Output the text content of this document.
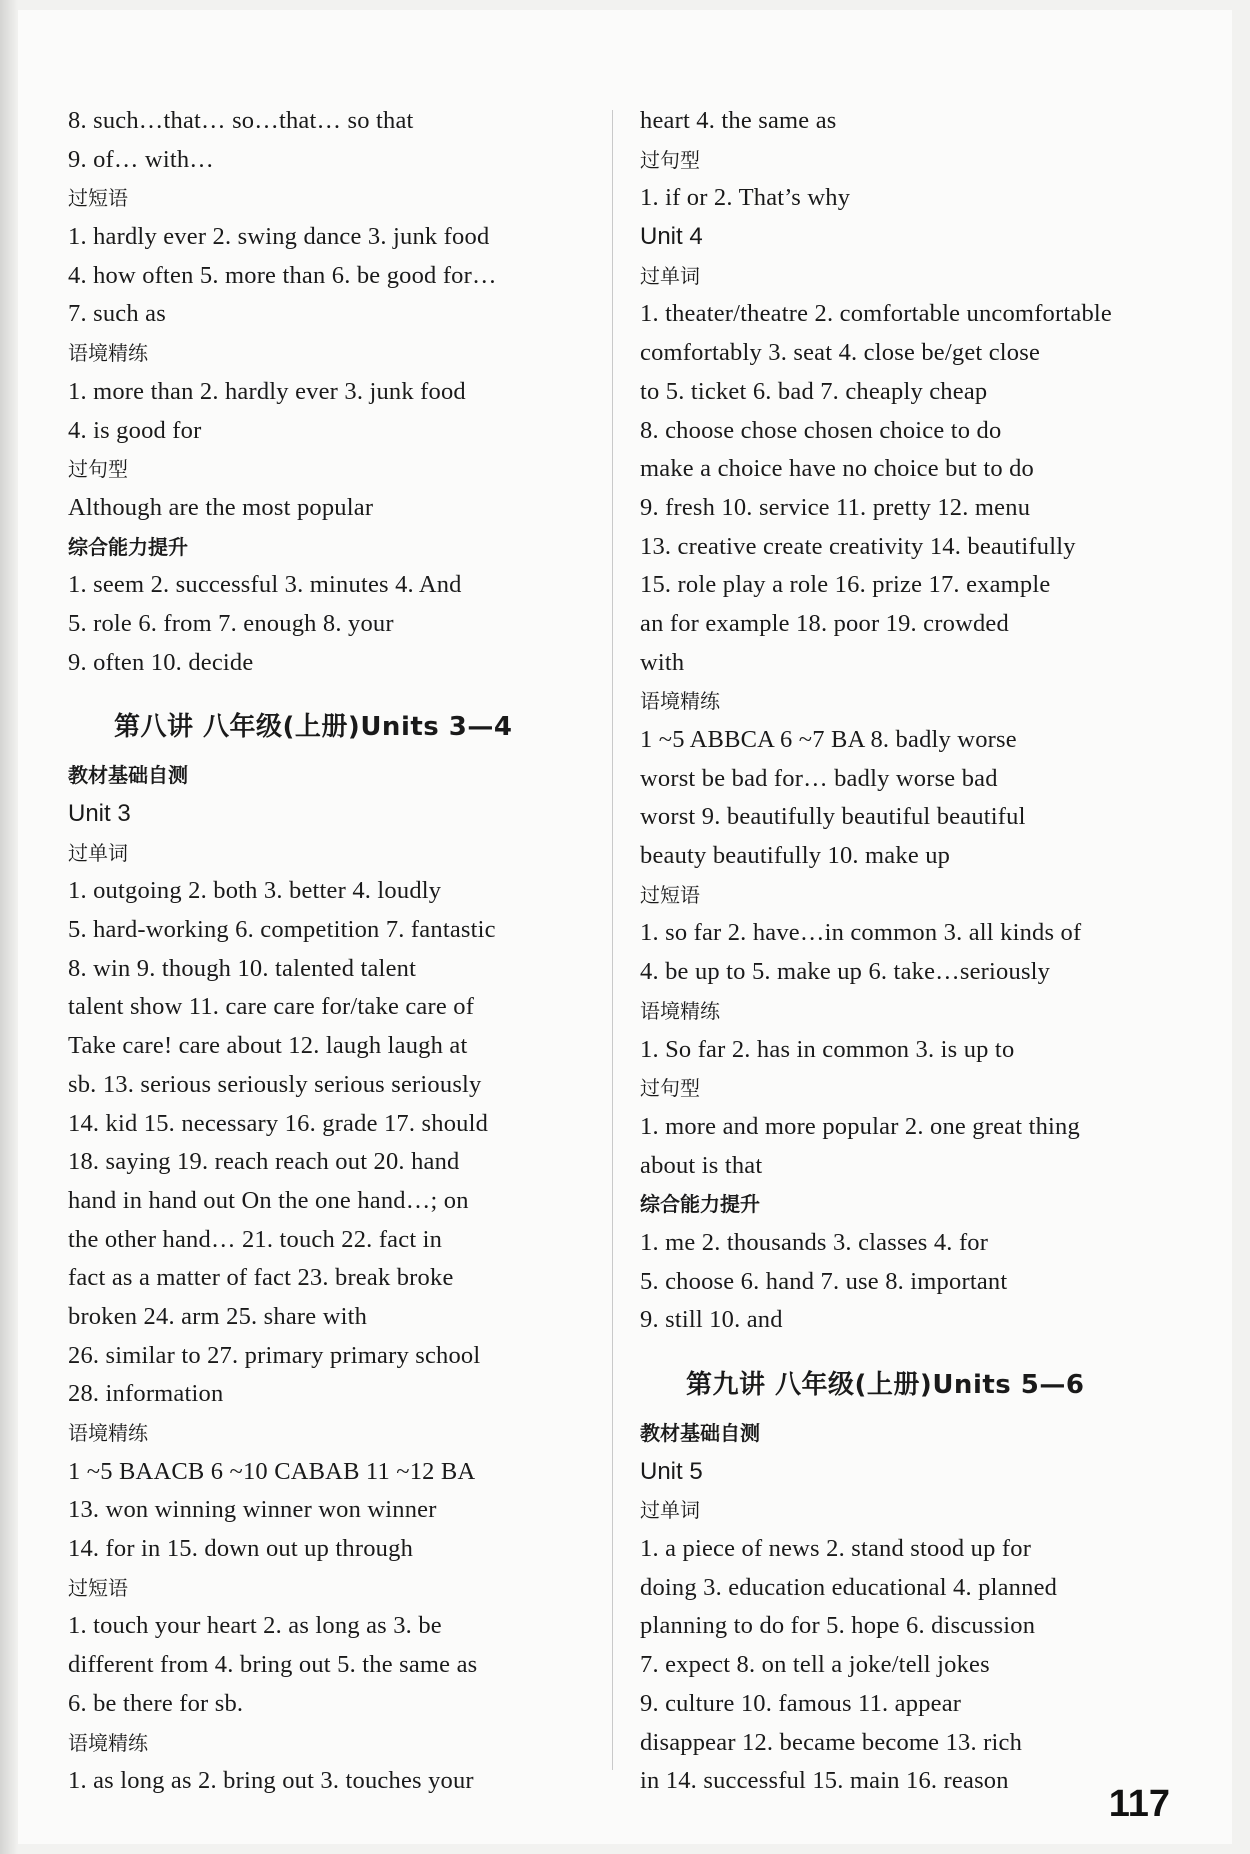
8. such…that… so…that… so that
9. of… with…
过短语
1. hardly ever 2. swing dance 3. junk food
4. how often 5. more than 6. be good for…
7. such as
语境精练
1. more than 2. hardly ever 3. junk food
4. is good for
过句型
Although are the most popular
综合能力提升
1. seem 2. successful 3. minutes 4. And
5. role 6. from 7. enough 8. your
9. often 10. decide
第八讲 八年级(上册)Units 3—4
教材基础自测
Unit 3
过单词
1. outgoing 2. both 3. better 4. loudly
5. hard-working 6. competition 7. fantastic
8. win 9. though 10. talented talent
talent show 11. care care for/take care of
Take care! care about 12. laugh laugh at
sb. 13. serious seriously serious seriously
14. kid 15. necessary 16. grade 17. should
18. saying 19. reach reach out 20. hand
hand in hand out On the one hand…; on
the other hand… 21. touch 22. fact in
fact as a matter of fact 23. break broke
broken 24. arm 25. share with
26. similar to 27. primary primary school
28. information
语境精练
1 ~5 BAACB 6 ~10 CABAB 11 ~12 BA
13. won winning winner won winner
14. for in 15. down out up through
过短语
1. touch your heart 2. as long as 3. be
different from 4. bring out 5. the same as
6. be there for sb.
语境精练
1. as long as 2. bring out 3. touches your
heart 4. the same as
过句型
1. if or 2. That’s why
Unit 4
过单词
1. theater/theatre 2. comfortable uncomfortable
comfortably 3. seat 4. close be/get close
to 5. ticket 6. bad 7. cheaply cheap
8. choose chose chosen choice to do
make a choice have no choice but to do
9. fresh 10. service 11. pretty 12. menu
13. creative create creativity 14. beautifully
15. role play a role 16. prize 17. example
an for example 18. poor 19. crowded
with
语境精练
1 ~5 ABBCA 6 ~7 BA 8. badly worse
worst be bad for… badly worse bad
worst 9. beautifully beautiful beautiful
beauty beautifully 10. make up
过短语
1. so far 2. have…in common 3. all kinds of
4. be up to 5. make up 6. take…seriously
语境精练
1. So far 2. has in common 3. is up to
过句型
1. more and more popular 2. one great thing
about is that
综合能力提升
1. me 2. thousands 3. classes 4. for
5. choose 6. hand 7. use 8. important
9. still 10. and
第九讲 八年级(上册)Units 5—6
教材基础自测
Unit 5
过单词
1. a piece of news 2. stand stood up for
doing 3. education educational 4. planned
planning to do for 5. hope 6. discussion
7. expect 8. on tell a joke/tell jokes
9. culture 10. famous 11. appear
disappear 12. became become 13. rich
in 14. successful 15. main 16. reason
117
